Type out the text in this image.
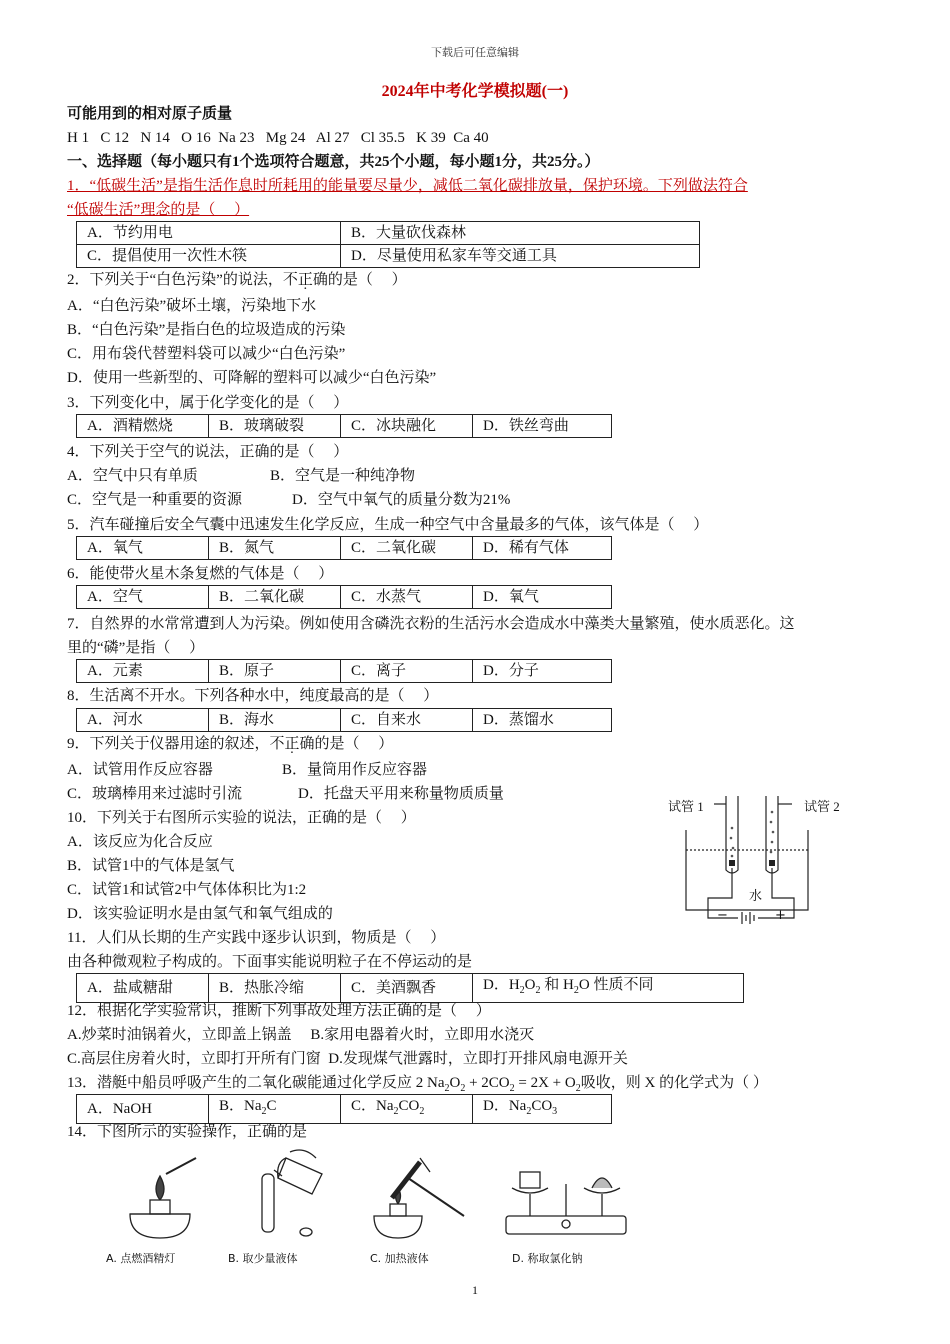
下载后可任意编辑
2024年中考化学模拟题(一)
可能用到的相对原子质量
H 1   C 12   N 14   O 16  Na 23   Mg 24   Al 27   Cl 35.5   K 39  Ca 40
一、选择题（每小题只有1个选项符合题意，共25个小题，每小题1分，共25分。）
1．“低碳生活”是指生活作息时所耗用的能量要尽量少，减低二氧化碳排放量，保护环境。下列做法符合
“低碳生活”理念的是（     ）
A．节约用电	B．大量砍伐森林
C．提倡使用一次性木筷	D．尽量使用私家车等交通工具
2．下列关于“白色污染”的说法，不正确的是（     ）
A．“白色污染”破坏土壤，污染地下水
B．“白色污染”是指白色的垃圾造成的污染
C．用布袋代替塑料袋可以减少“白色污染”
D．使用一些新型的、可降解的塑料可以减少“白色污染”
3．下列变化中，属于化学变化的是（     ）
A．酒精燃烧	B．玻璃破裂	C．冰块融化	D．铁丝弯曲
4．下列关于空气的说法，正确的是（     ）
A．空气中只有单质	B．空气是一种纯净物
C．空气是一种重要的资源	D．空气中氧气的质量分数为21%
5．汽车碰撞后安全气囊中迅速发生化学反应，生成一种空气中含量最多的气体，该气体是（     ）
A．氧气	B．氮气	C．二氧化碳	D．稀有气体
6．能使带火星木条复燃的气体是（     ）
A．空气	B．二氧化碳	C．水蒸气	D．氧气
7．自然界的水常常遭到人为污染。例如使用含磷洗衣粉的生活污水会造成水中藻类大量繁殖，使水质恶化。这
里的“磷”是指（     ）
A．元素	B．原子	C．离子	D．分子
8．生活离不开水。下列各种水中，纯度最高的是（     ）
A．河水	B．海水	C．自来水	D．蒸馏水
9．下列关于仪器用途的叙述，不正确的是（     ）
A．试管用作反应容器	B．量筒用作反应容器
C．玻璃棒用来过滤时引流	D．托盘天平用来称量物质质量
10．下列关于右图所示实验的说法，正确的是（     ）
A．该反应为化合反应
B．试管1中的气体是氢气
C．试管1和试管2中气体体积比为1:2
D．该实验证明水是由氢气和氧气组成的
试管 1	试管 2
水
−	+
11．人们从长期的生产实践中逐步认识到，物质是（     ）
由各种微观粒子构成的。下面事实能说明粒子在不停运动的是
A．盐咸糖甜	B．热胀冷缩	C．美酒飘香	D．$H_2O_2$ 和 $H_2O$ 性质不同
12．根据化学实验常识，推断下列事故处理方法正确的是（     ）
A.炒菜时油锅着火，立即盖上锅盖     B.家用电器着火时，立即用水浇灭
C.高层住房着火时，立即打开所有门窗  D.发现煤气泄露时，立即打开排风扇电源开关
13．潜艇中船员呼吸产生的二氧化碳能通过化学反应 2 $Na_2O_2 + 2CO_2 = 2X + O_2$吸收，则 X 的化学式为（ ）
A．NaOH	B．$Na_2C$	C．$Na_2CO_2$	D．$Na_2CO_3$
14．下图所示的实验操作，正确的是
A. 点燃酒精灯	B. 取少量液体	C. 加热液体	D. 称取氯化钠
1
